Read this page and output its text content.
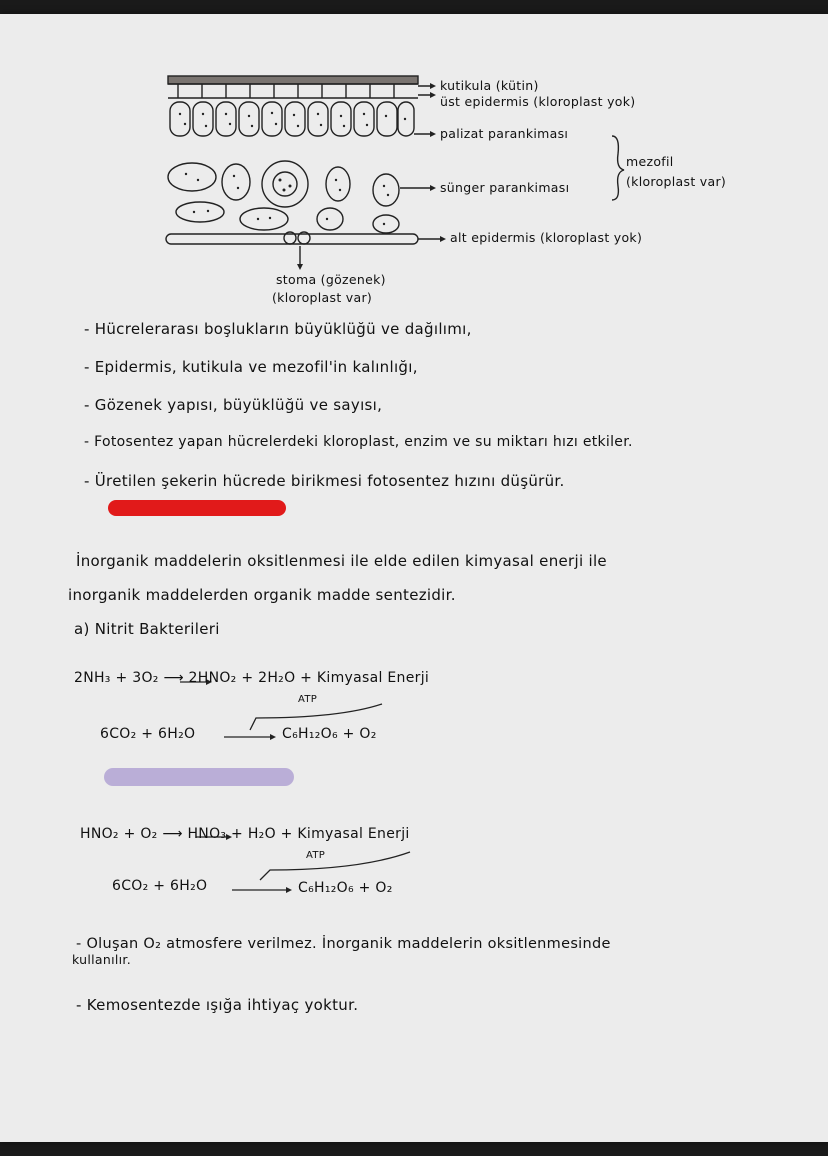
kutikula (kütin)
üst epidermis (kloroplast yok)
palizat parankiması
sünger parankiması
mezofil
(kloroplast var)
alt epidermis (kloroplast yok)
stoma (gözenek)
(kloroplast var)
- Hücrelerarası boşlukların büyüklüğü ve dağılımı,
- Epidermis, kutikula ve mezofil'in kalınlığı,
- Gözenek yapısı, büyüklüğü ve sayısı,
- Fotosentez yapan hücrelerdeki kloroplast, enzim ve su miktarı hızı etkiler.
- Üretilen şekerin hücrede birikmesi fotosentez hızını düşürür.
İnorganik maddelerin oksitlenmesi ile elde edilen kimyasal enerji ile
inorganik maddelerden organik madde sentezidir.
a) Nitrit Bakterileri
2NH₃ + 3O₂ ⟶ 2HNO₂ + 2H₂O + Kimyasal Enerji
ATP
6CO₂ + 6H₂O	C₆H₁₂O₆ + O₂
HNO₂ + O₂ ⟶ HNO₃ + H₂O + Kimyasal Enerji
ATP
6CO₂ + 6H₂O	C₆H₁₂O₆ + O₂
- Oluşan O₂ atmosfere verilmez. İnorganik maddelerin oksitlenmesinde
kullanılır.
- Kemosentezde ışığa ihtiyaç yoktur.
